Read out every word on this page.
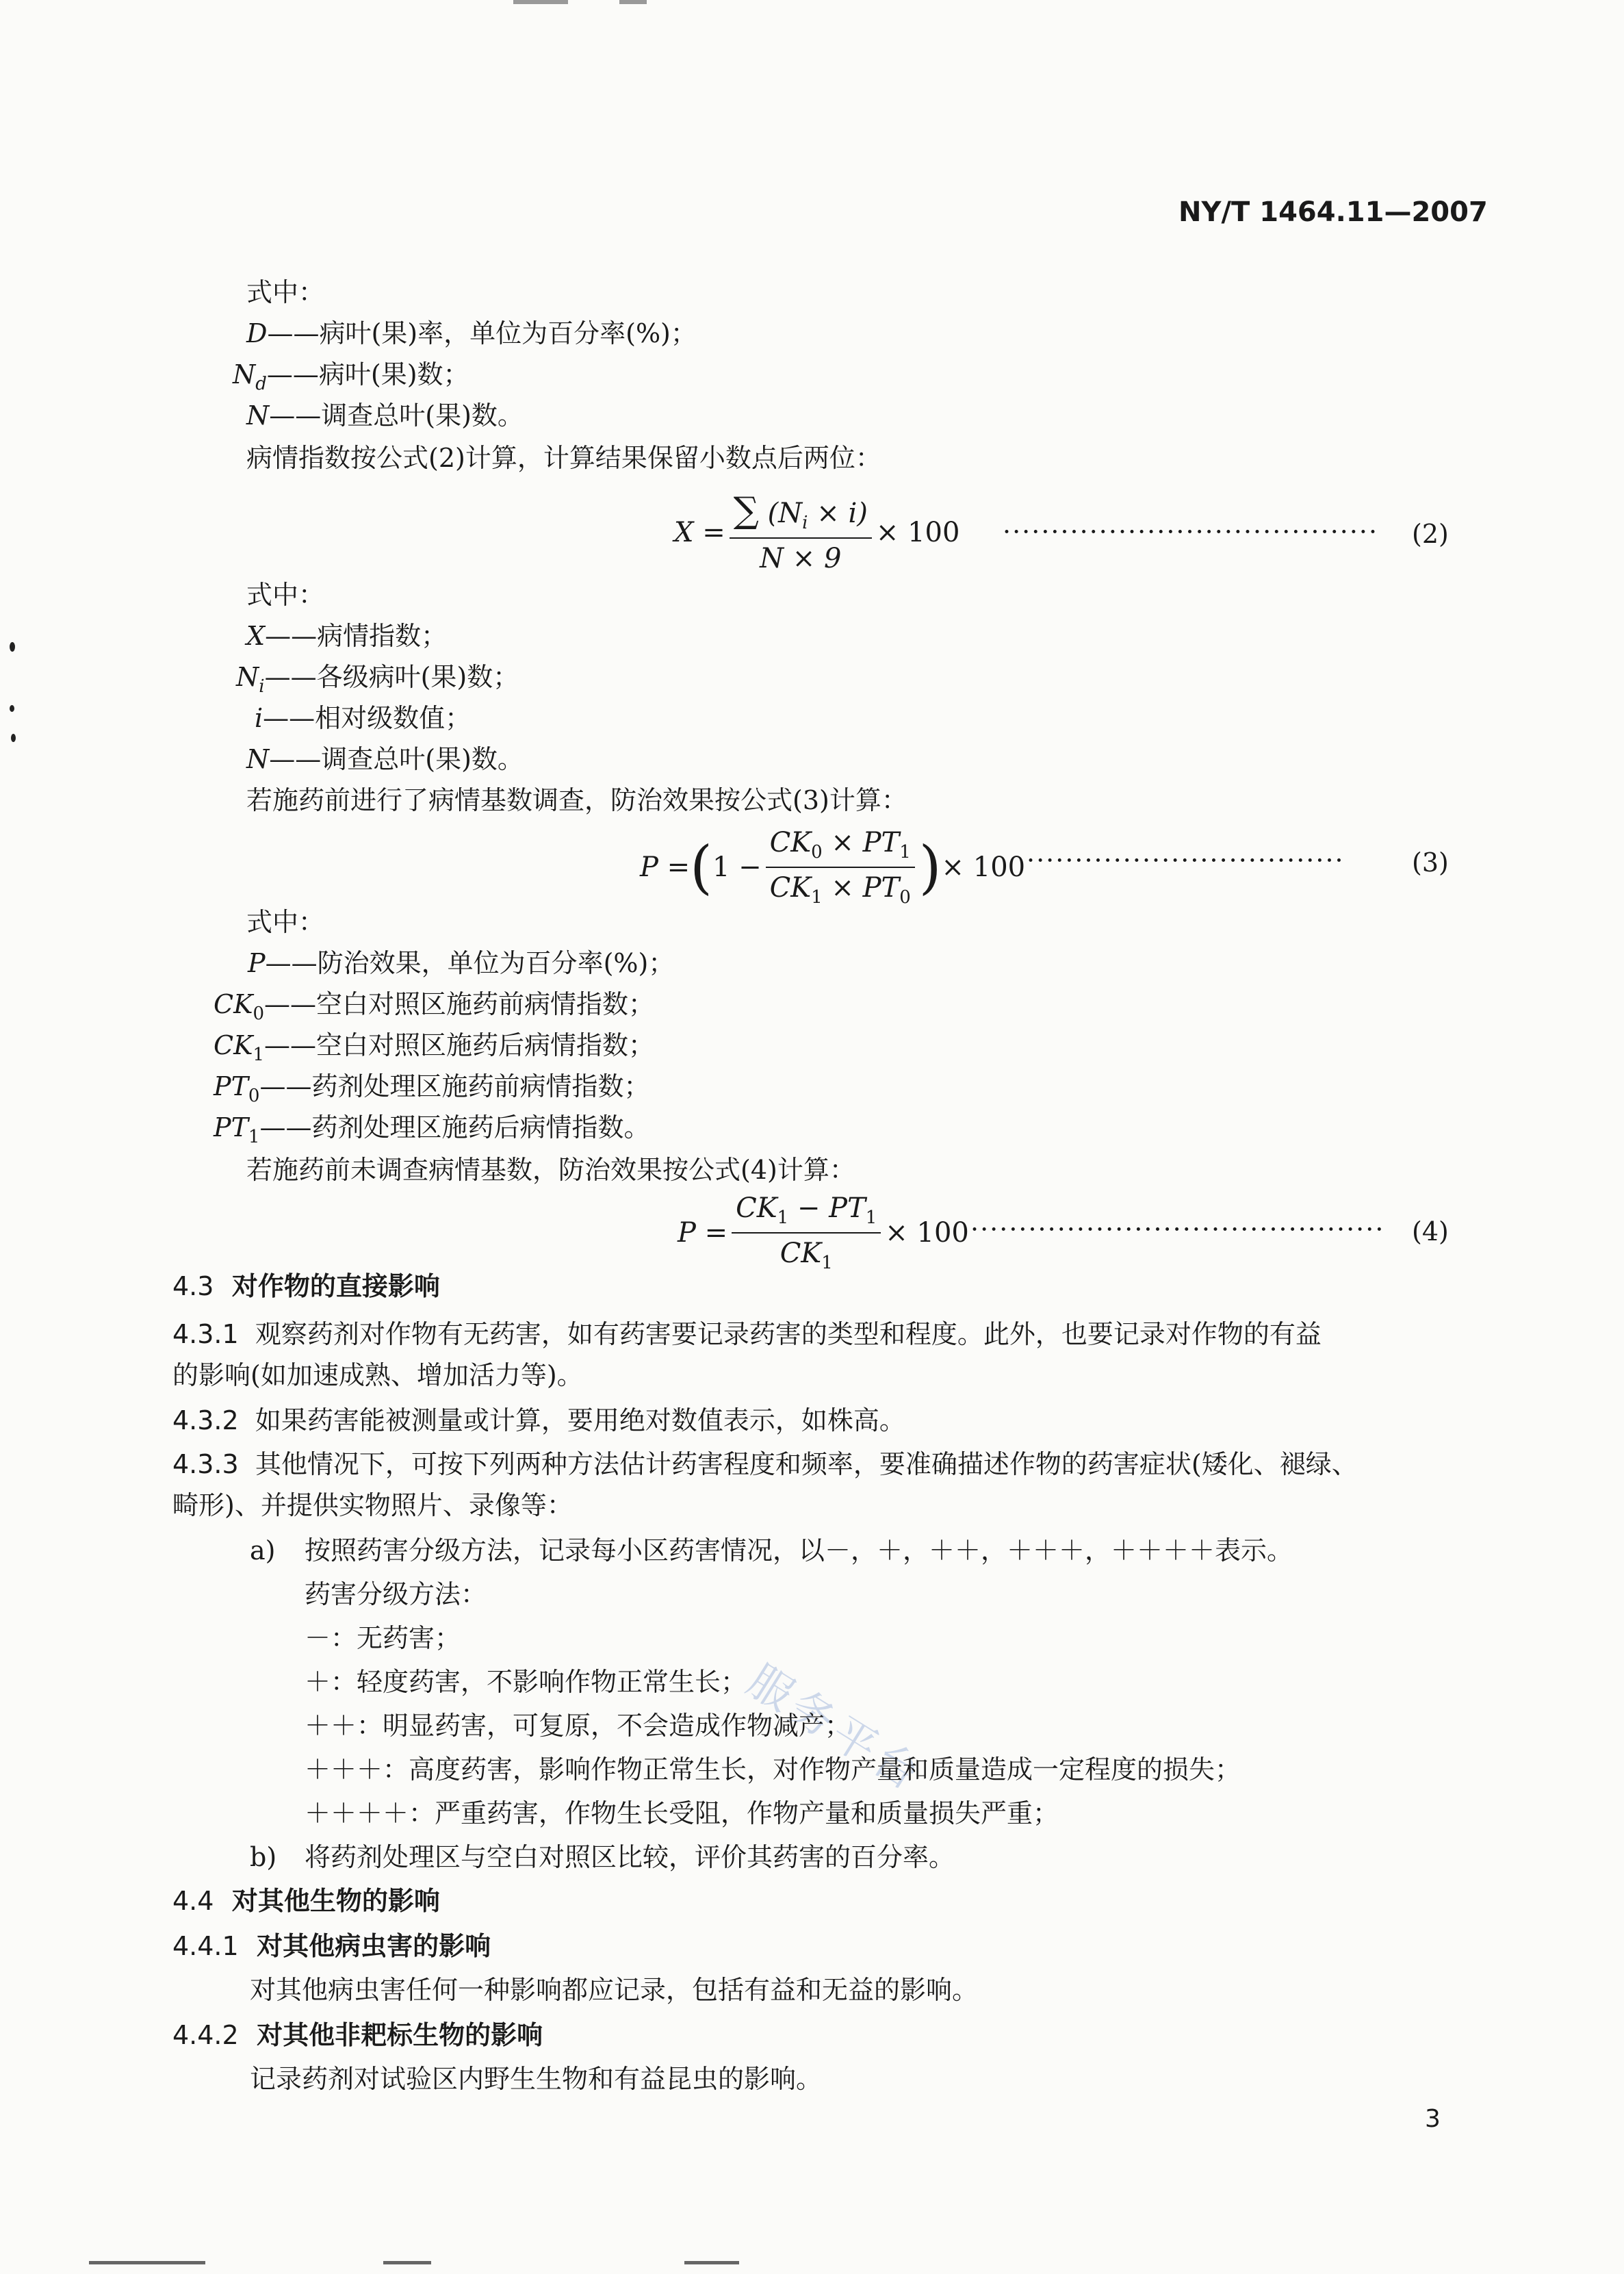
服务平台
NY/T 1464.11—2007
式中：
D——病叶(果)率，单位为百分率(%)；
$N_d——$病叶(果)数；
N——调查总叶(果)数。
病情指数按公式(2)计算，计算结果保留小数点后两位：
$X = \frac{\sum (N_i \times i)}{N \times 9} \times 100$ ······································· (2)
式中：
X——病情指数；
$N_i——$各级病叶(果)数；
i——相对级数值；
N——调查总叶(果)数。
若施药前进行了病情基数调查，防治效果按公式(3)计算：
P = ( $1 - \frac{CK_0 \times PT_1}{CK_1 \times PT_0}$ ) × 100 ·································	(3)
式中：
P——防治效果，单位为百分率(%)；
$CK_0——$空白对照区施药前病情指数；
$CK_1——$空白对照区施药后病情指数；
$PT_0——$药剂处理区施药前病情指数；
$PT_1——$药剂处理区施药后病情指数。
若施药前未调查病情基数，防治效果按公式(4)计算：
$P = \frac{CK_1 - PT_1}{CK_1} \times 100$ ··········································· (4)
4.3 对作物的直接影响
4.3.1 观察药剂对作物有无药害，如有药害要记录药害的类型和程度。此外，也要记录对作物的有益
的影响(如加速成熟、增加活力等)。
4.3.2 如果药害能被测量或计算，要用绝对数值表示，如株高。
4.3.3 其他情况下，可按下列两种方法估计药害程度和频率，要准确描述作物的药害症状(矮化、褪绿、
畸形)、并提供实物照片、录像等：
a) 按照药害分级方法，记录每小区药害情况，以－，＋，＋＋，＋＋＋，＋＋＋＋表示。
药害分级方法：
－：无药害；
＋：轻度药害，不影响作物正常生长；
＋＋：明显药害，可复原，不会造成作物减产；
＋＋＋：高度药害，影响作物正常生长，对作物产量和质量造成一定程度的损失；
＋＋＋＋：严重药害，作物生长受阻，作物产量和质量损失严重；
b) 将药剂处理区与空白对照区比较，评价其药害的百分率。
4.4 对其他生物的影响
4.4.1 对其他病虫害的影响
对其他病虫害任何一种影响都应记录，包括有益和无益的影响。
4.4.2 对其他非耙标生物的影响
记录药剂对试验区内野生生物和有益昆虫的影响。
3
